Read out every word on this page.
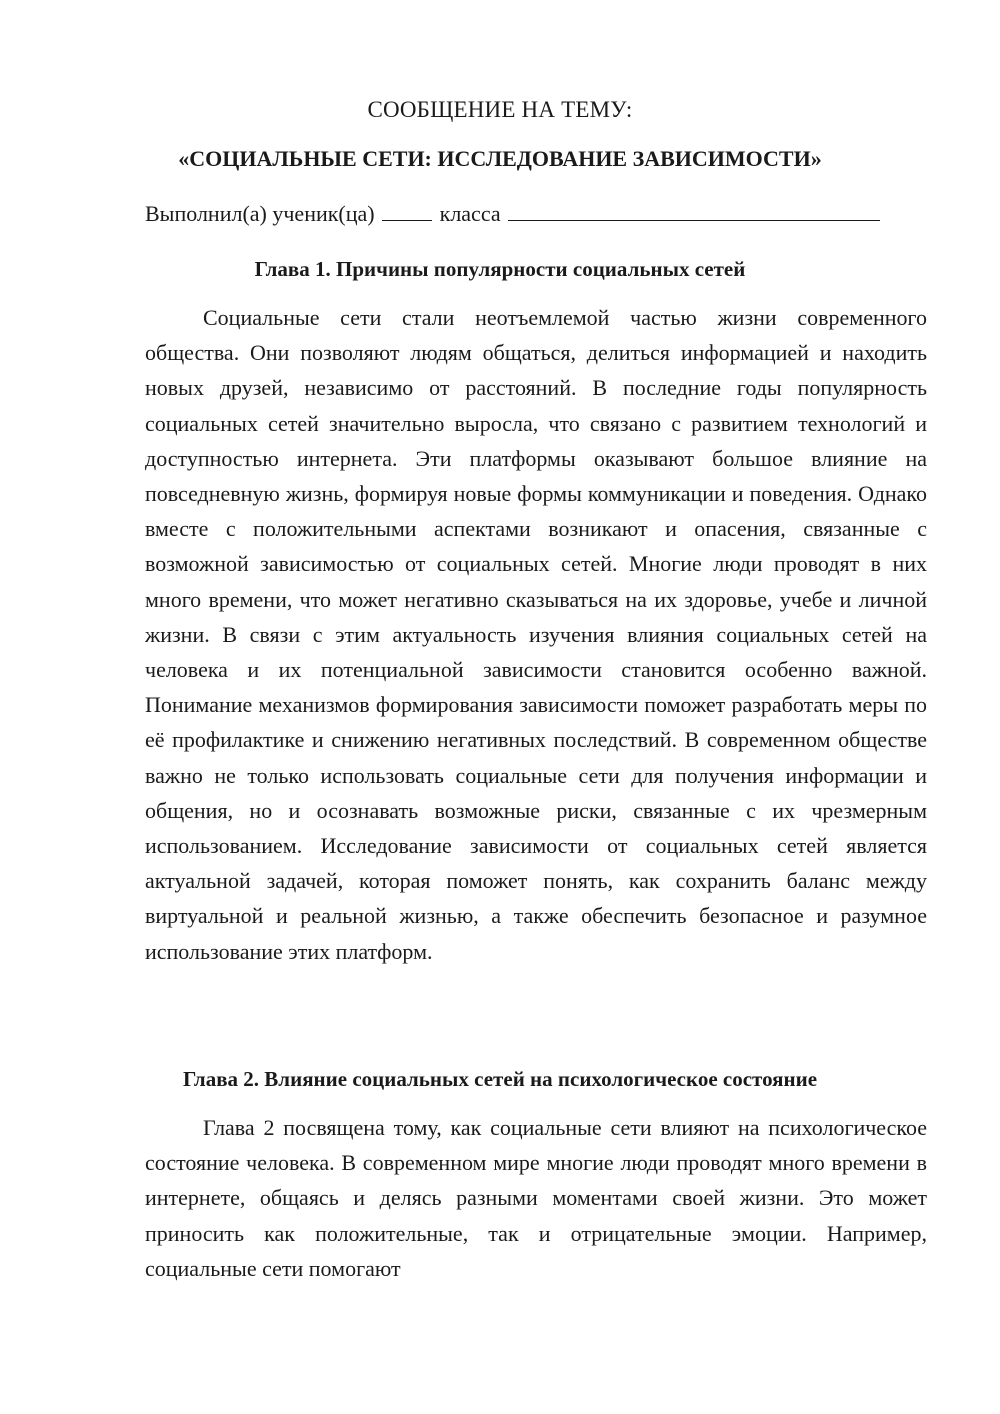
СООБЩЕНИЕ НА ТЕМУ:
«СОЦИАЛЬНЫЕ СЕТИ: ИССЛЕДОВАНИЕ ЗАВИСИМОСТИ»

Выполнил(а) ученик(ца)	класса

Глава 1. Причины популярности социальных сетей

Социальные сети стали неотъемлемой частью жизни современного общества. Они позволяют людям общаться, делиться информацией и находить новых друзей, независимо от расстояний. В последние годы популярность социальных сетей значительно выросла, что связано с развитием технологий и доступностью интернета. Эти платформы оказывают большое влияние на повседневную жизнь, формируя новые формы коммуникации и поведения. Однако вместе с положительными аспектами возникают и опасения, связанные с возможной зависимостью от социальных сетей. Многие люди проводят в них много времени, что может негативно сказываться на их здоровье, учебе и личной жизни. В связи с этим актуальность изучения влияния социальных сетей на человека и их потенциальной зависимости становится особенно важной. Понимание механизмов формирования зависимости поможет разработать меры по её профилактике и снижению негативных последствий. В современном обществе важно не только использовать социальные сети для получения информации и общения, но и осознавать возможные риски, связанные с их чрезмерным использованием. Исследование зависимости от социальных сетей является актуальной задачей, которая поможет понять, как сохранить баланс между виртуальной и реальной жизнью, а также обеспечить безопасное и разумное использование этих платформ.

Глава 2. Влияние социальных сетей на психологическое состояние

Глава 2 посвящена тому, как социальные сети влияют на психологическое состояние человека. В современном мире многие люди проводят много времени в интернете, общаясь и делясь разными моментами своей жизни. Это может приносить как положительные, так и отрицательные эмоции. Например, социальные сети помогают
